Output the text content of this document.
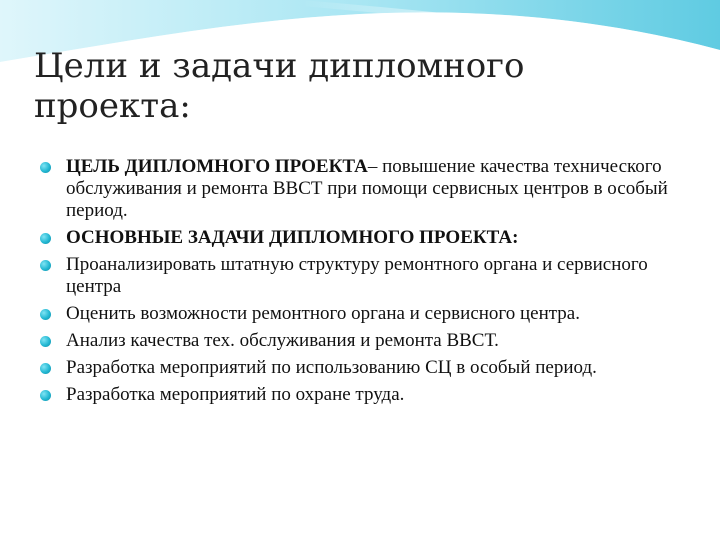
Цели и задачи дипломного
проекта:
ЦЕЛЬ ДИПЛОМНОГО ПРОЕКТА– повышение качества технического обслуживания и ремонта ВВСТ при помощи сервисных центров в особый период.
ОСНОВНЫЕ ЗАДАЧИ ДИПЛОМНОГО ПРОЕКТА:
Проанализировать штатную структуру ремонтного органа и сервисного центра
Оценить возможности ремонтного органа и сервисного центра.
Анализ качества тех. обслуживания и ремонта ВВСТ.
Разработка мероприятий по использованию СЦ в особый период.
Разработка мероприятий по охране труда.
